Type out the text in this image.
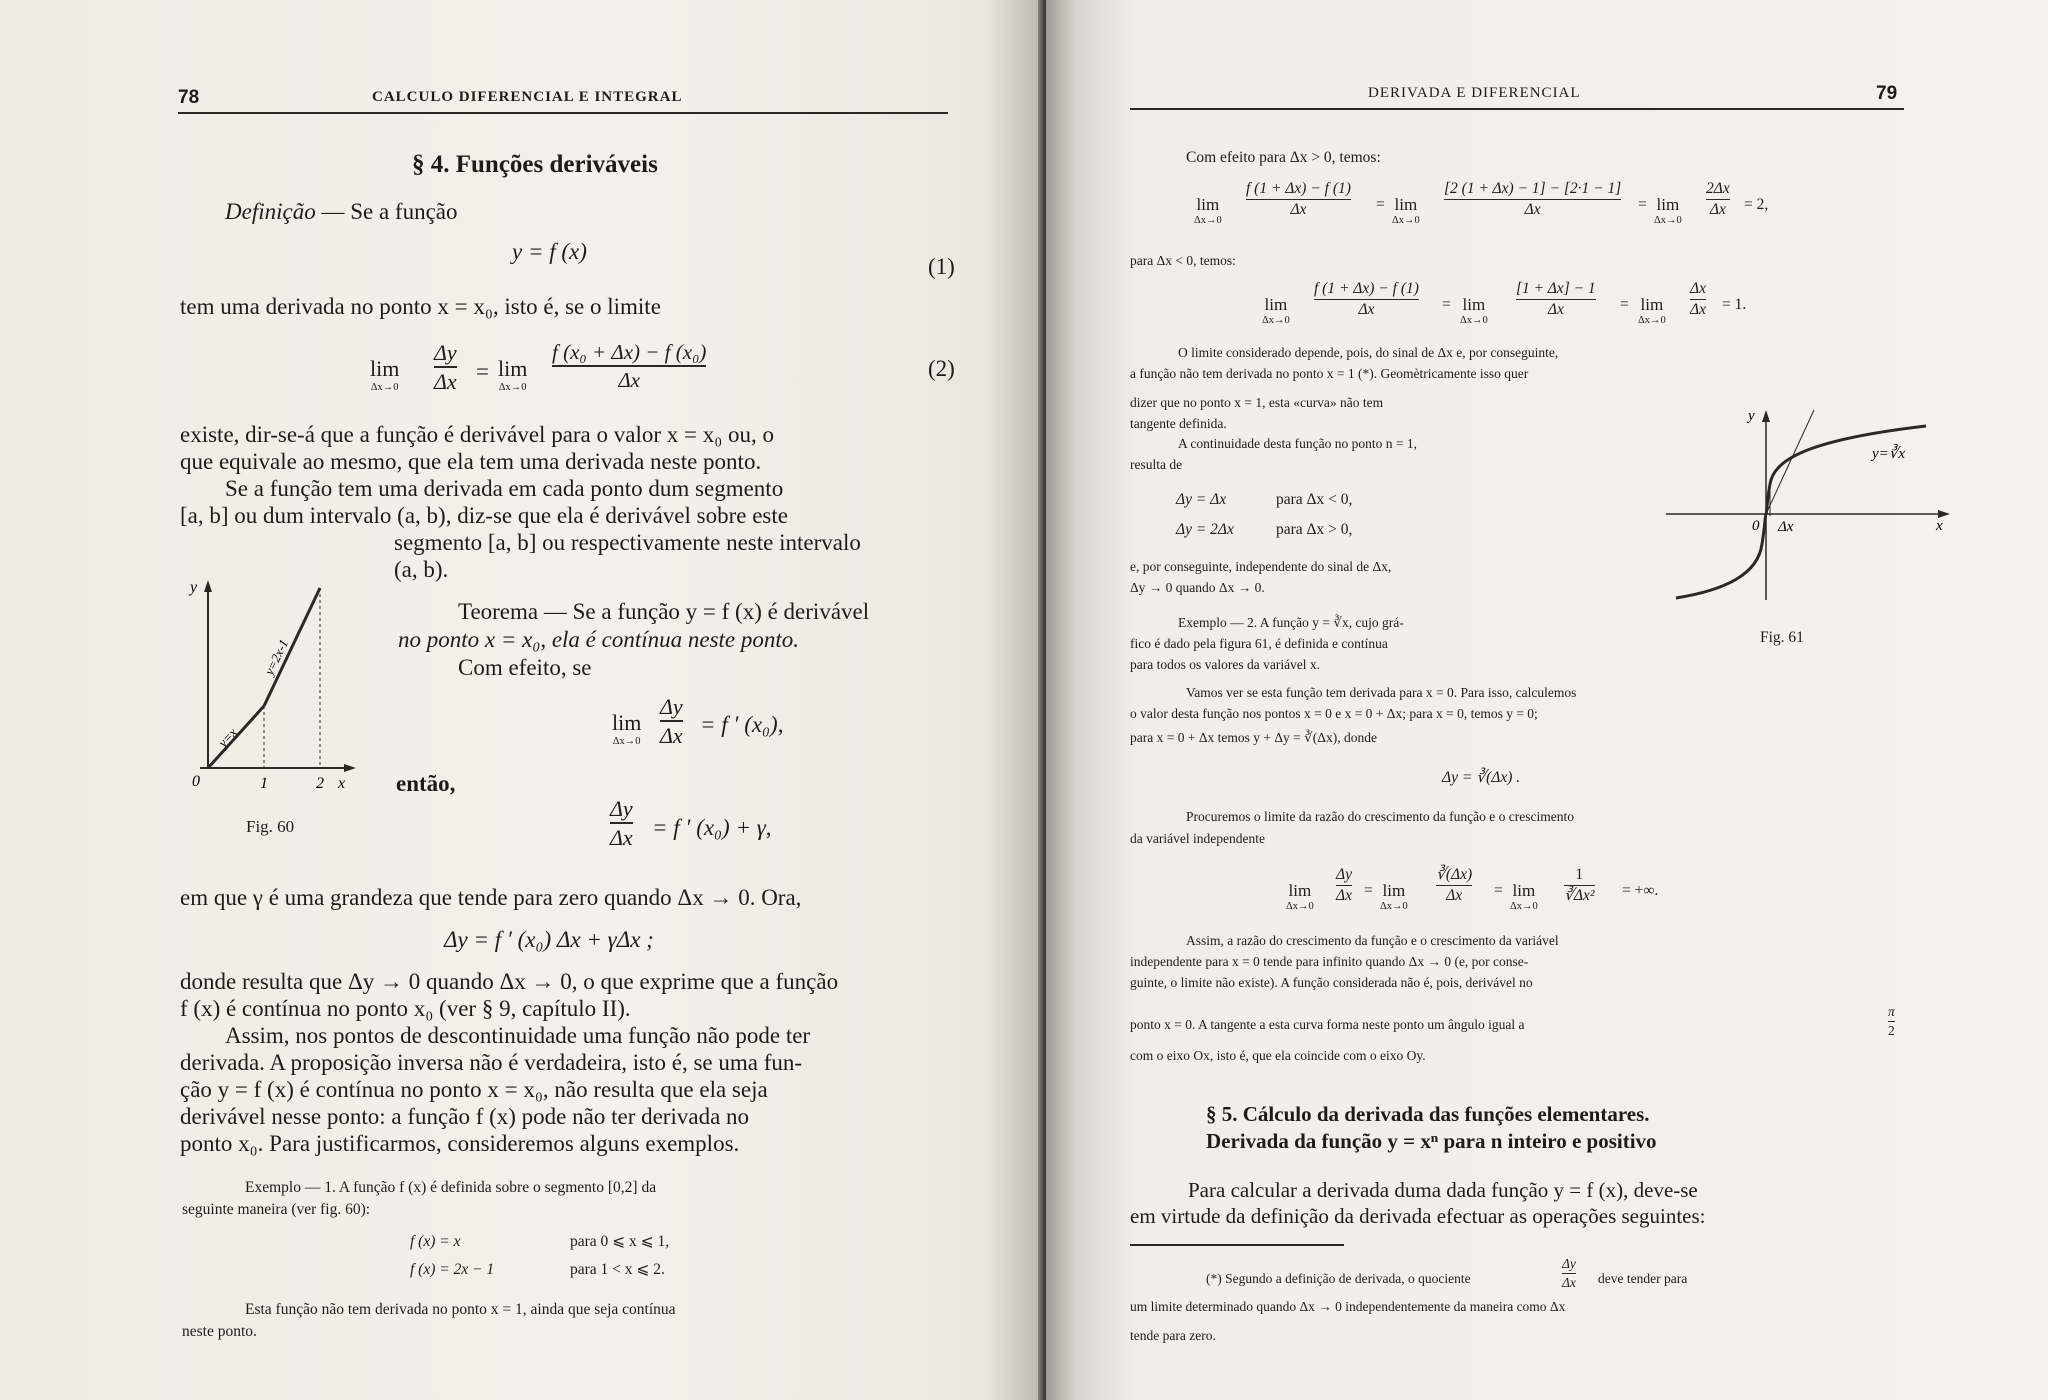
78	CALCULO DIFERENCIAL E INTEGRAL
§ 4. Funções deriváveis
Definição — Se a função
y = f (x)
(1)
tem uma derivada no ponto x = x₀, isto é, se o limite
lim
Δx→0
Δy
Δx = lim
Δx→0
f (x₀ + Δx) − f (x₀)
Δx	(2)
existe, dir-se-á que a função é derivável para o valor x = x₀ ou, o
que equivale ao mesmo, que ela tem uma derivada neste ponto.
Se a função tem uma derivada em cada ponto dum segmento
[a, b] ou dum intervalo (a, b), diz-se que ela é derivável sobre este
segmento [a, b] ou respectivamente neste intervalo
(a, b).
y
x
0	1	2
y=x
y=2x-1
Fig. 60
Teorema — Se a função y = f (x) é derivável
no ponto x = x₀, ela é contínua neste ponto.
Com efeito, se
lim
Δx→0
Δy
Δx = f ′ (x₀),
então,
Δy
Δx = f ′ (x₀) + γ,
em que γ é uma grandeza que tende para zero quando Δx → 0. Ora,
Δy = f ′ (x₀) Δx + γΔx ;
donde resulta que Δy → 0 quando Δx → 0, o que exprime que a função
f (x) é contínua no ponto x₀ (ver § 9, capítulo II).
Assim, nos pontos de descontinuidade uma função não pode ter
derivada. A proposição inversa não é verdadeira, isto é, se uma fun-
ção y = f (x) é contínua no ponto x = x₀, não resulta que ela seja
derivável nesse ponto: a função f (x) pode não ter derivada no
ponto x₀. Para justificarmos, consideremos alguns exemplos.
Exemplo — 1. A função f (x) é definida sobre o segmento [0,2] da
seguinte maneira (ver fig. 60):
f (x) = x	para 0 ⩽ x ⩽ 1,
f (x) = 2x − 1	para 1 < x ⩽ 2.
Esta função não tem derivada no ponto x = 1, ainda que seja contínua
neste ponto.
DERIVADA E DIFERENCIAL	79
Com efeito para Δx > 0, temos:
lim
Δx→0
f (1 + Δx) − f (1)
Δx	= lim
Δx→0
[2 (1 + Δx) − 1] − [2·1 − 1]
Δx	= lim
Δx→0
2Δx
Δx = 2,
para Δx < 0, temos:
lim
Δx→0
f (1 + Δx) − f (1)
Δx	= lim
Δx→0
[1 + Δx] − 1
Δx	= lim
Δx→0
Δx
Δx = 1.
O limite considerado depende, pois, do sinal de Δx e, por conseguinte,
a função não tem derivada no ponto x = 1 (*). Geomètricamente isso quer
dizer que no ponto x = 1, esta «curva» não tem
tangente definida.
A continuidade desta função no ponto n = 1,
resulta de
Δy = Δx	para Δx < 0,
Δy = 2Δx	para Δx > 0,
e, por conseguinte, independente do sinal de Δx,
Δy → 0 quando Δx → 0.
Exemplo — 2. A função y = ∛x, cujo grá-
fico é dado pela figura 61, é definida e contínua
para todos os valores da variável x.
y
x
0 Δx
y=∛x
Fig. 61
Vamos ver se esta função tem derivada para x = 0. Para isso, calculemos
o valor desta função nos pontos x = 0 e x = 0 + Δx; para x = 0, temos y = 0;
para x = 0 + Δx temos y + Δy = ∛(Δx), donde
Δy = ∛(Δx) .
Procuremos o limite da razão do crescimento da função e o crescimento
da variável independente
lim
Δx→0
Δy
Δx = lim
Δx→0
∛(Δx)
Δx = lim
Δx→0
1
∛Δx² = +∞.
Assim, a razão do crescimento da função e o crescimento da variável
independente para x = 0 tende para infinito quando Δx → 0 (e, por conse-
guinte, o limite não existe). A função considerada não é, pois, derivável no
ponto x = 0. A tangente a esta curva forma neste ponto um ângulo igual a
π
2
com o eixo Ox, isto é, que ela coincide com o eixo Oy.
§ 5. Cálculo da derivada das funções elementares.
Derivada da função y = xⁿ para n inteiro e positivo
Para calcular a derivada duma dada função y = f (x), deve-se
em virtude da definição da derivada efectuar as operações seguintes:
(*) Segundo a definição de derivada, o quociente
Δy
Δx deve tender para
um limite determinado quando Δx → 0 independentemente da maneira como Δx
tende para zero.
